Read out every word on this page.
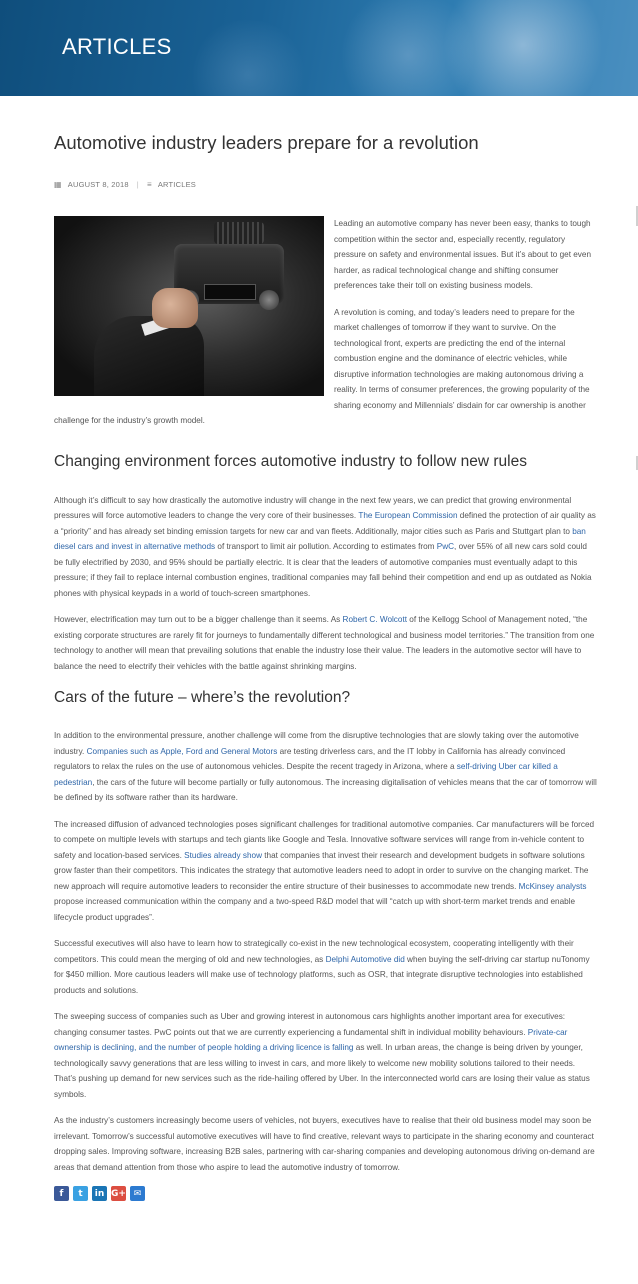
ARTICLES
Automotive industry leaders prepare for a revolution
▦ AUGUST 8, 2018 | ≡ ARTICLES

Leading an automotive company has never been easy, thanks to tough competition within the sector and, especially recently, regulatory pressure on safety and environmental issues. But it’s about to get even harder, as radical technological change and shifting consumer preferences take their toll on existing business models.

A revolution is coming, and today’s leaders need to prepare for the market challenges of tomorrow if they want to survive. On the technological front, experts are predicting the end of the internal combustion engine and the dominance of electric vehicles, while disruptive information technologies are making autonomous driving a reality. In terms of consumer preferences, the growing popularity of the sharing economy and Millennials’ disdain for car ownership is another challenge for the industry’s growth model.

Changing environment forces automotive industry to follow new rules

Although it’s difficult to say how drastically the automotive industry will change in the next few years, we can predict that growing environmental pressures will force automotive leaders to change the very core of their businesses. The European Commission defined the protection of air quality as a “priority” and has already set binding emission targets for new car and van fleets. Additionally, major cities such as Paris and Stuttgart plan to ban diesel cars and invest in alternative methods of transport to limit air pollution. According to estimates from PwC, over 55% of all new cars sold could be fully electrified by 2030, and 95% should be partially electric. It is clear that the leaders of automotive companies must eventually adapt to this pressure; if they fail to replace internal combustion engines, traditional companies may fall behind their competition and end up as outdated as Nokia phones with physical keypads in a world of touch-screen smartphones.

However, electrification may turn out to be a bigger challenge than it seems. As Robert C. Wolcott of the Kellogg School of Management noted, “the existing corporate structures are rarely fit for journeys to fundamentally different technological and business model territories.” The transition from one technology to another will mean that prevailing solutions that enable the industry lose their value. The leaders in the automotive sector will have to balance the need to electrify their vehicles with the battle against shrinking margins.

Cars of the future – where’s the revolution?

In addition to the environmental pressure, another challenge will come from the disruptive technologies that are slowly taking over the automotive industry. Companies such as Apple, Ford and General Motors are testing driverless cars, and the IT lobby in California has already convinced regulators to relax the rules on the use of autonomous vehicles. Despite the recent tragedy in Arizona, where a self-driving Uber car killed a pedestrian, the cars of the future will become partially or fully autonomous. The increasing digitalisation of vehicles means that the car of tomorrow will be defined by its software rather than its hardware.

The increased diffusion of advanced technologies poses significant challenges for traditional automotive companies. Car manufacturers will be forced to compete on multiple levels with startups and tech giants like Google and Tesla. Innovative software services will range from in-vehicle content to safety and location-based services. Studies already show that companies that invest their research and development budgets in software solutions grow faster than their competitors. This indicates the strategy that automotive leaders need to adopt in order to survive on the changing market. The new approach will require automotive leaders to reconsider the entire structure of their businesses to accommodate new trends. McKinsey analysts propose increased communication within the company and a two-speed R&D model that will “catch up with short-term market trends and enable lifecycle product upgrades”.

Successful executives will also have to learn how to strategically co-exist in the new technological ecosystem, cooperating intelligently with their competitors. This could mean the merging of old and new technologies, as Delphi Automotive did when buying the self-driving car startup nuTonomy for $450 million. More cautious leaders will make use of technology platforms, such as OSR, that integrate disruptive technologies into established products and solutions.

The sweeping success of companies such as Uber and growing interest in autonomous cars highlights another important area for executives: changing consumer tastes. PwC points out that we are currently experiencing a fundamental shift in individual mobility behaviours. Private-car ownership is declining, and the number of people holding a driving licence is falling as well. In urban areas, the change is being driven by younger, technologically savvy generations that are less willing to invest in cars, and more likely to welcome new mobility solutions tailored to their needs. That’s pushing up demand for new services such as the ride-hailing offered by Uber. In the interconnected world cars are losing their value as status symbols.

As the industry’s customers increasingly become users of vehicles, not buyers, executives have to realise that their old business model may soon be irrelevant. Tomorrow’s successful automotive executives will have to find creative, relevant ways to participate in the sharing economy and counteract dropping sales. Improving software, increasing B2B sales, partnering with car-sharing companies and developing autonomous driving on-demand are areas that demand attention from those who aspire to lead the automotive industry of tomorrow.

f	t	in G+ ✉
